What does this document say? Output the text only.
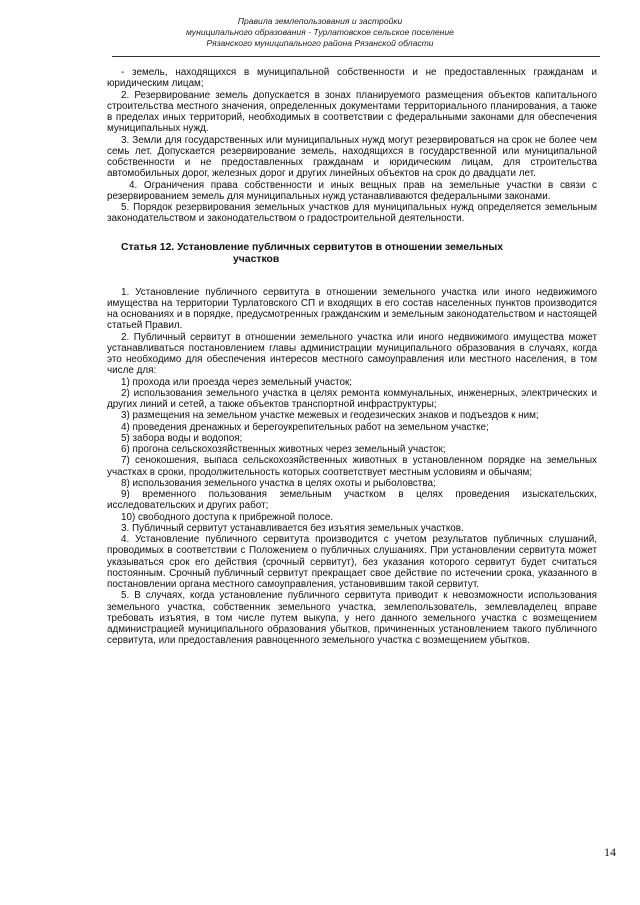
Правила землепользования и застройки
муниципального образования - Турлатовское сельское поселение
Рязанского муниципального района Рязанской области

- земель, находящихся в муниципальной собственности и не предоставленных гражданам и юридическим лицам;

2. Резервирование земель допускается в зонах планируемого размещения объектов капитального строительства местного значения, определенных документами территориального планирования, а также в пределах иных территорий, необходимых в соответствии с федеральными законами для обеспечения муниципальных нужд.

3. Земли для государственных или муниципальных нужд могут резервироваться на срок не более чем семь лет. Допускается резервирование земель, находящихся в государственной или муниципальной собственности и не предоставленных гражданам и юридическим лицам, для строительства автомобильных дорог, железных дорог и других линейных объектов на срок до двадцати лет.

4. Ограничения права собственности и иных вещных прав на земельные участки в связи с резервированием земель для муниципальных нужд устанавливаются федеральными законами.

5. Порядок резервирования земельных участков для муниципальных нужд определяется земельным законодательством и законодательством о градостроительной деятельности.

Статья 12. Установление публичных сервитутов в отношении земельных
участков

1. Установление публичного сервитута в отношении земельного участка или иного недвижимого имущества на территории Турлатовского СП и входящих в его состав населенных пунктов производится на основаниях и в порядке, предусмотренных гражданским и земельным законодательством и настоящей статьей Правил.

2. Публичный сервитут в отношении земельного участка или иного недвижимого имущества может устанавливаться постановлением главы администрации муниципального образования в случаях, когда это необходимо для обеспечения интересов местного самоуправления или местного населения, в том числе для:

1) прохода или проезда через земельный участок;

2) использования земельного участка в целях ремонта коммунальных, инженерных, электрических и других линий и сетей, а также объектов транспортной инфраструктуры;

3) размещения на земельном участке межевых и геодезических знаков и подъездов к ним;

4) проведения дренажных и берегоукрепительных работ на земельном участке;

5) забора воды и водопоя;

6) прогона сельскохозяйственных животных через земельный участок;

7) сенокошения, выпаса сельскохозяйственных животных в установленном порядке на земельных участках в сроки, продолжительность которых соответствует местным условиям и обычаям;

8) использования земельного участка в целях охоты и рыболовства;

9) временного пользования земельным участком в целях проведения изыскательских, исследовательских и других работ;

10) свободного доступа к прибрежной полосе.

3. Публичный сервитут устанавливается без изъятия земельных участков.

4. Установление публичного сервитута производится с учетом результатов публичных слушаний, проводимых в соответствии с Положением о публичных слушаниях. При установлении сервитута может указываться срок его действия (срочный сервитут), без указания которого сервитут будет считаться постоянным. Срочный публичный сервитут прекращает свое действие по истечении срока, указанного в постановлении органа местного самоуправления, установившим такой сервитут.

5. В случаях, когда установление публичного сервитута приводит к невозможности использования земельного участка, собственник земельного участка, землепользователь, землевладелец вправе требовать изъятия, в том числе путем выкупа, у него данного земельного участка с возмещением администрацией муниципального образования убытков, причиненных установлением такого публичного сервитута, или предоставления равноценного земельного участка с возмещением убытков.

14
